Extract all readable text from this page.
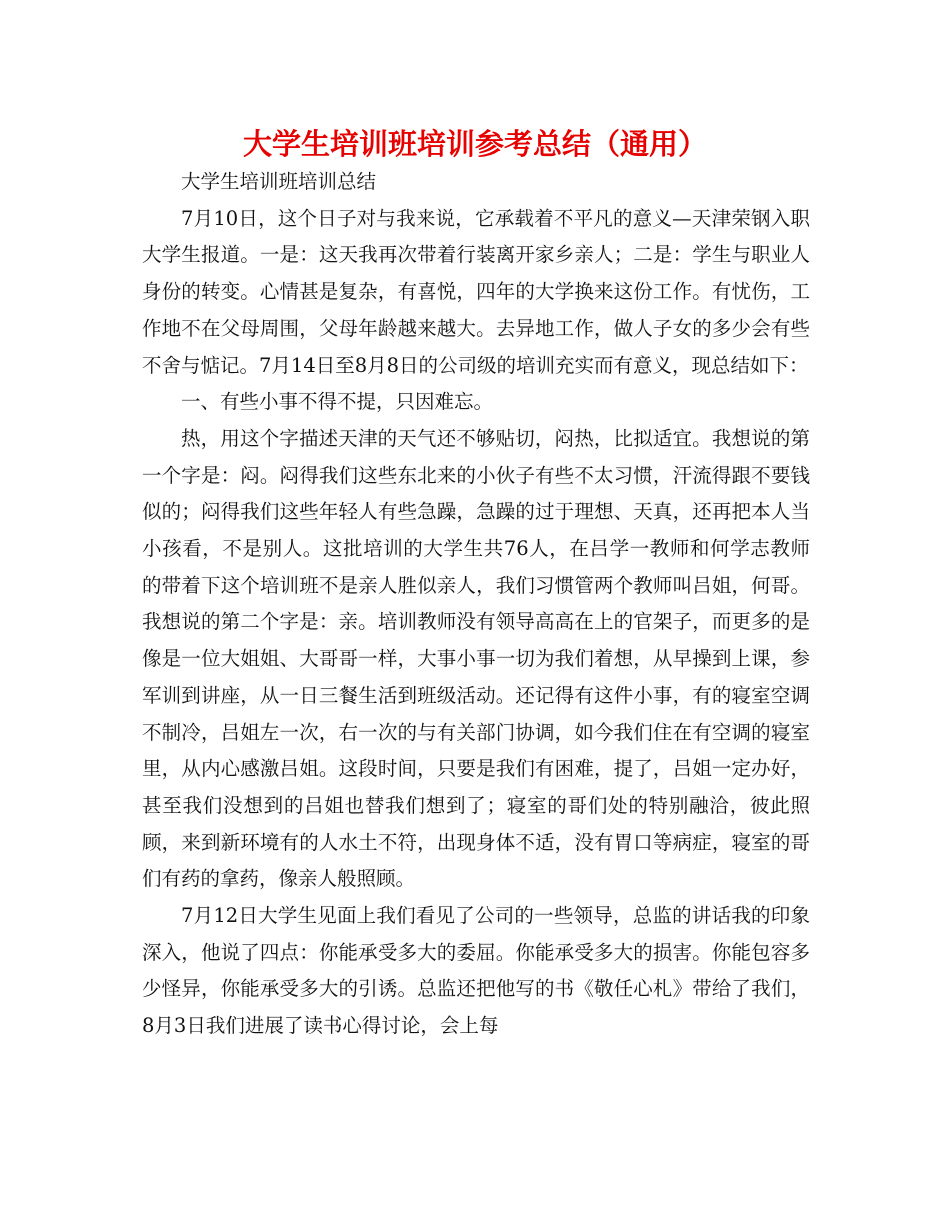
大学生培训班培训参考总结（通用）

大学生培训班培训总结

7月10日，这个日子对与我来说，它承载着不平凡的意义—天津荣钢入职大学生报道。一是：这天我再次带着行装离开家乡亲人；二是：学生与职业人身份的转变。心情甚是复杂，有喜悦，四年的大学换来这份工作。有忧伤，工作地不在父母周围，父母年龄越来越大。去异地工作，做人子女的多少会有些不舍与惦记。7月14日至8月8日的公司级的培训充实而有意义，现总结如下：

一、有些小事不得不提，只因难忘。

热，用这个字描述天津的天气还不够贴切，闷热，比拟适宜。我想说的第一个字是：闷。闷得我们这些东北来的小伙子有些不太习惯，汗流得跟不要钱似的；闷得我们这些年轻人有些急躁，急躁的过于理想、天真，还再把本人当小孩看，不是别人。这批培训的大学生共76人，在吕学一教师和何学志教师的带着下这个培训班不是亲人胜似亲人，我们习惯管两个教师叫吕姐，何哥。我想说的第二个字是：亲。培训教师没有领导高高在上的官架子，而更多的是像是一位大姐姐、大哥哥一样，大事小事一切为我们着想，从早操到上课，参军训到讲座，从一日三餐生活到班级活动。还记得有这件小事，有的寝室空调不制冷，吕姐左一次，右一次的与有关部门协调，如今我们住在有空调的寝室里，从内心感激吕姐。这段时间，只要是我们有困难，提了，吕姐一定办好，甚至我们没想到的吕姐也替我们想到了；寝室的哥们处的特别融洽，彼此照顾，来到新环境有的人水土不符，出现身体不适，没有胃口等病症，寝室的哥们有药的拿药，像亲人般照顾。

7月12日大学生见面上我们看见了公司的一些领导，总监的讲话我的印象深入，他说了四点：你能承受多大的委屈。你能承受多大的损害。你能包容多少怪异，你能承受多大的引诱。总监还把他写的书《敬任心札》带给了我们，8月3日我们进展了读书心得讨论，会上每
